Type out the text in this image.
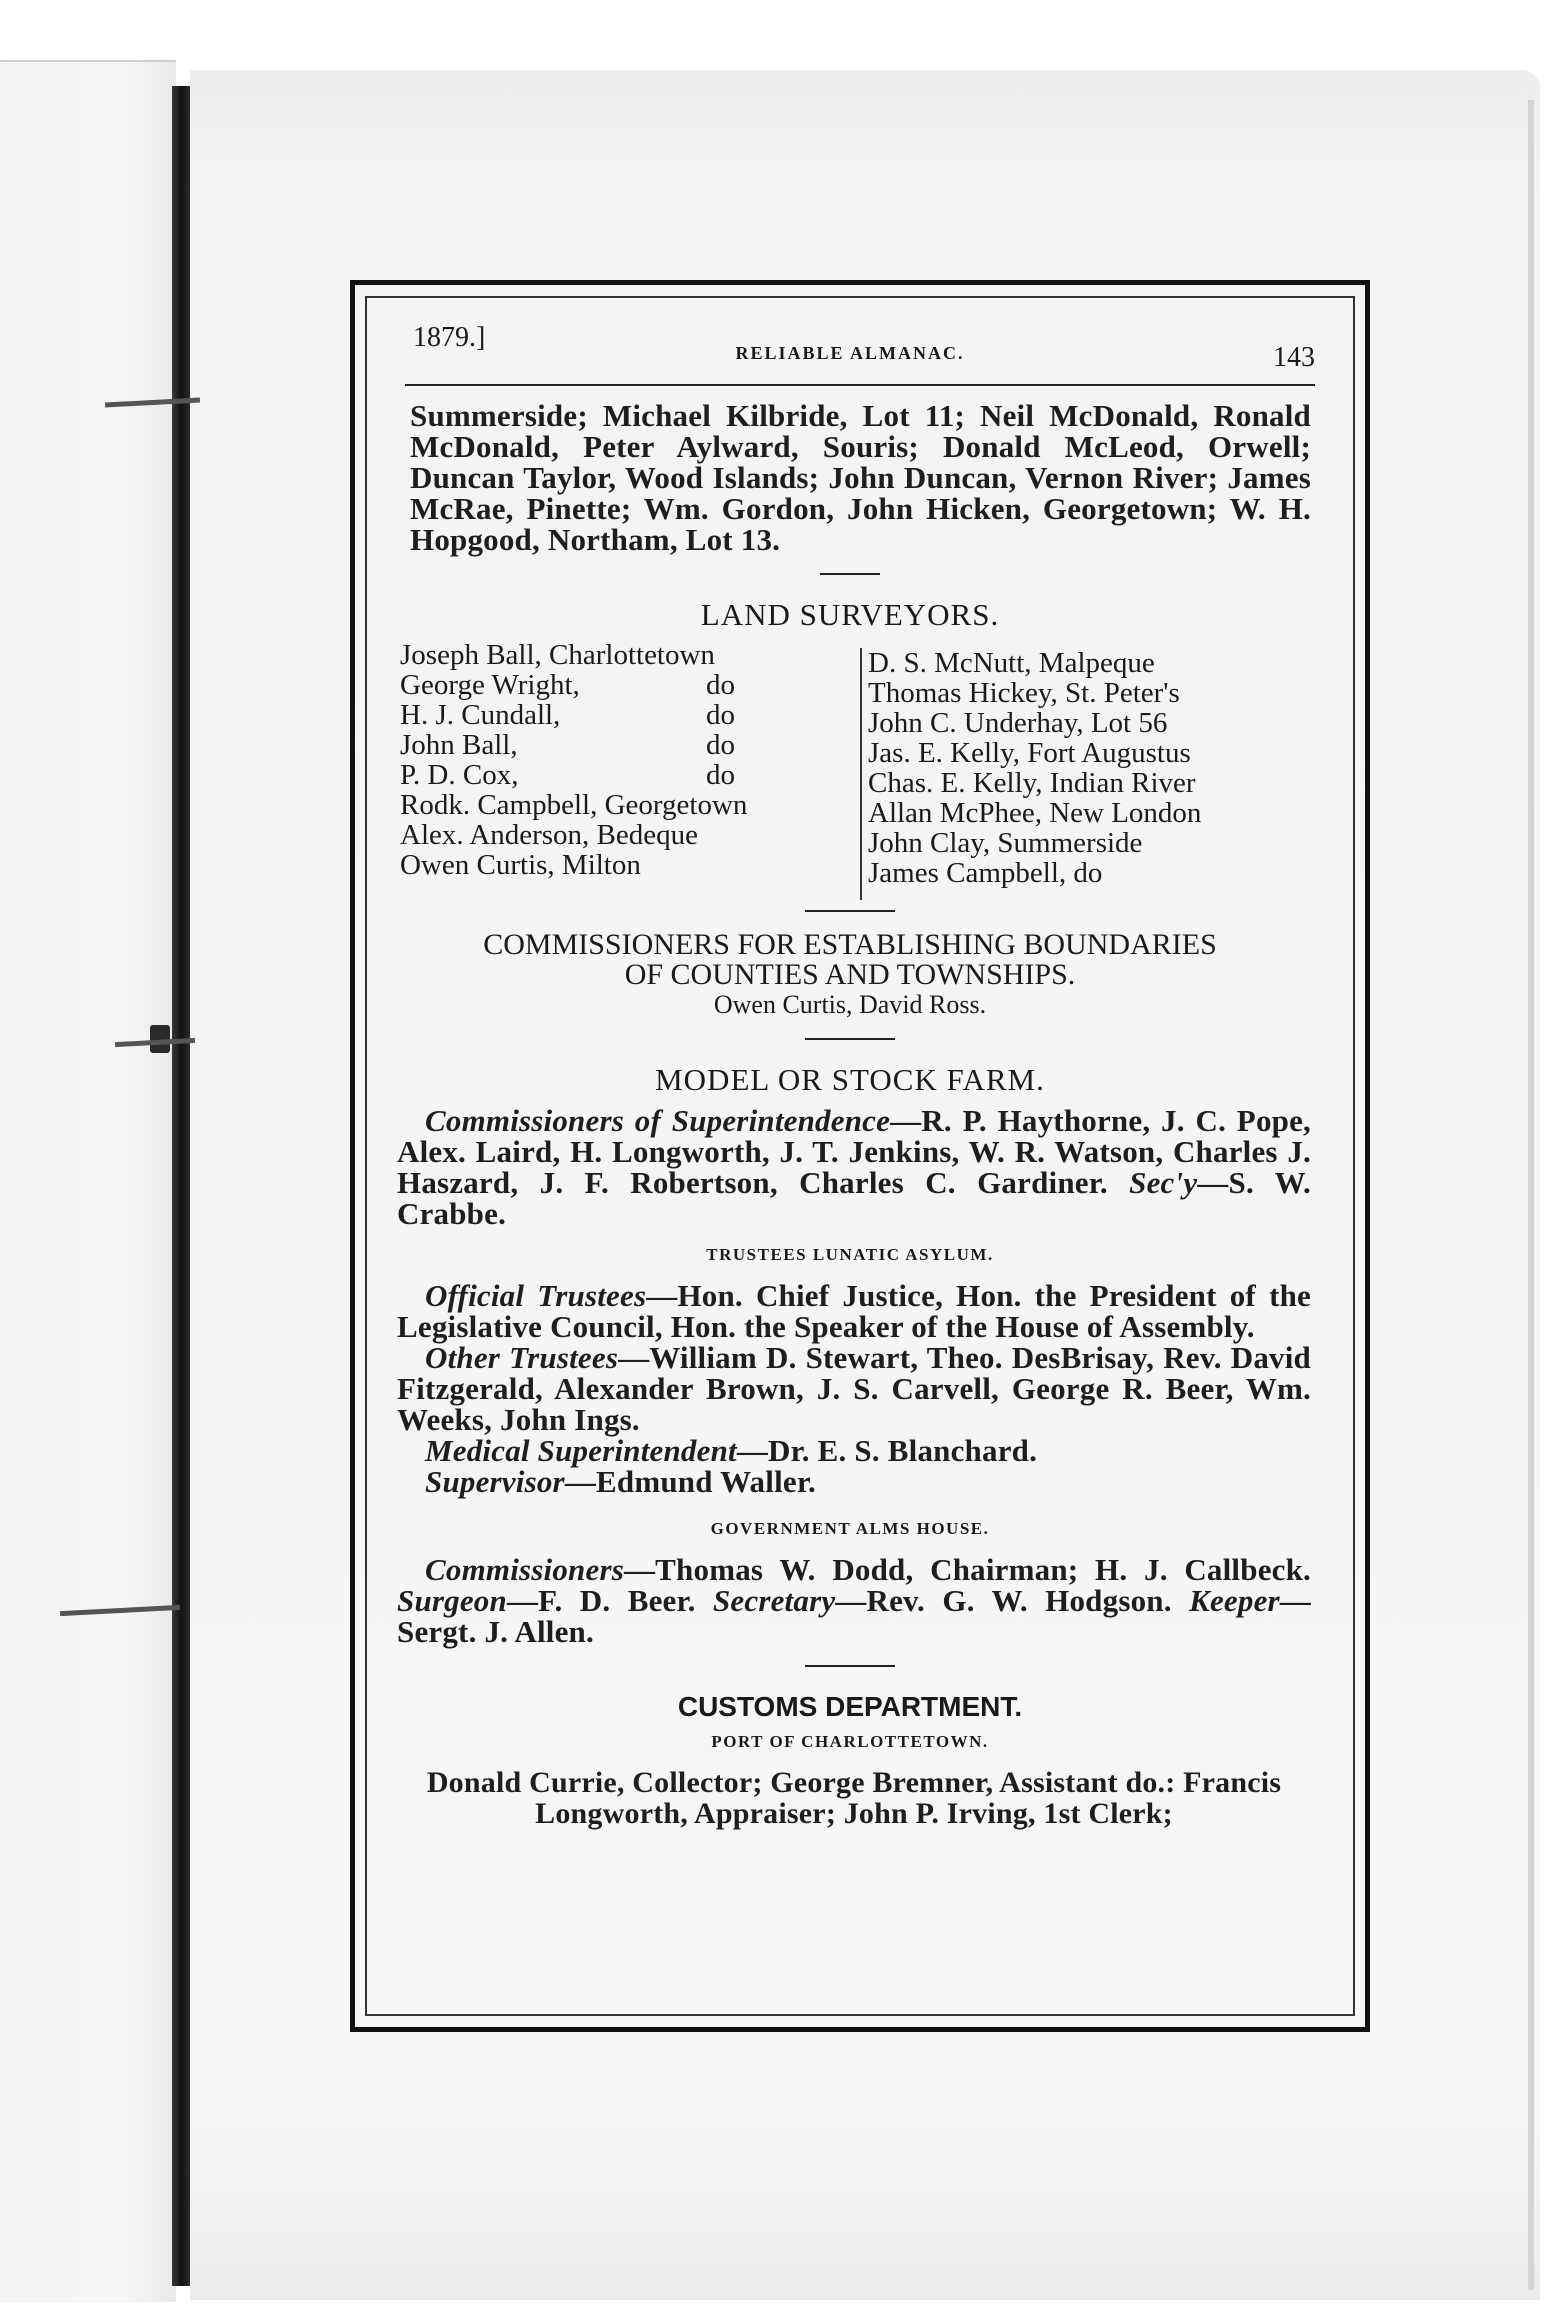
1879.]	RELIABLE ALMANAC.	143
Summerside; Michael Kilbride, Lot 11; Neil McDonald, Ronald McDonald, Peter Aylward, Souris; Donald McLeod, Orwell; Duncan Taylor, Wood Islands; John Duncan, Vernon River; James McRae, Pinette; Wm. Gordon, John Hicken, Georgetown; W. H. Hopgood, Northam, Lot 13.
LAND SURVEYORS.
Joseph Ball, Charlottetown
George Wright,	do
H. J. Cundall,	do
John Ball,	do
P. D. Cox,	do
Rodk. Campbell, Georgetown
Alex. Anderson, Bedeque
Owen Curtis, Milton
D. S. McNutt, Malpeque
Thomas Hickey, St. Peter's
John C. Underhay, Lot 56
Jas. E. Kelly, Fort Augustus
Chas. E. Kelly, Indian River
Allan McPhee, New London
John Clay, Summerside
James Campbell, do
COMMISSIONERS FOR ESTABLISHING BOUNDARIES
OF COUNTIES AND TOWNSHIPS.
Owen Curtis, David Ross.
MODEL OR STOCK FARM.
Commissioners of Superintendence—R. P. Haythorne, J. C. Pope, Alex. Laird, H. Longworth, J. T. Jenkins, W. R. Watson, Charles J. Haszard, J. F. Robertson, Charles C. Gardiner. Sec'y—S. W. Crabbe.
TRUSTEES LUNATIC ASYLUM.
Official Trustees—Hon. Chief Justice, Hon. the President of the Legislative Council, Hon. the Speaker of the House of Assembly.
Other Trustees—William D. Stewart, Theo. DesBrisay, Rev. David Fitzgerald, Alexander Brown, J. S. Carvell, George R. Beer, Wm. Weeks, John Ings.
Medical Superintendent—Dr. E. S. Blanchard.
Supervisor—Edmund Waller.
GOVERNMENT ALMS HOUSE.
Commissioners—Thomas W. Dodd, Chairman; H. J. Callbeck. Surgeon—F. D. Beer. Secretary—Rev. G. W. Hodgson. Keeper—Sergt. J. Allen.
CUSTOMS DEPARTMENT.
PORT OF CHARLOTTETOWN.
Donald Currie, Collector; George Bremner, Assistant do.: Francis Longworth, Appraiser; John P. Irving, 1st Clerk;
